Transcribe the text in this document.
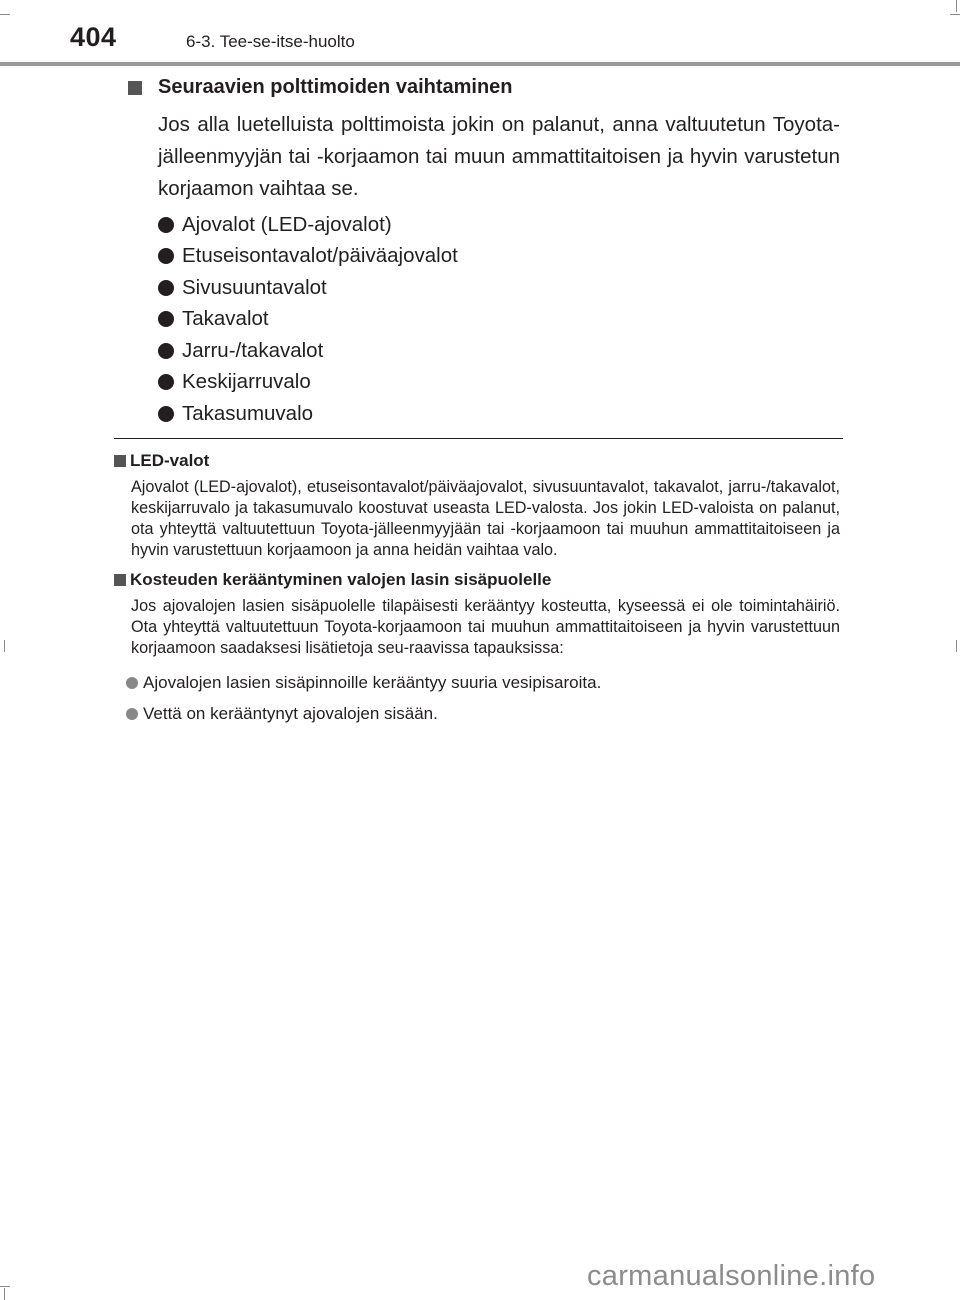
404	6-3. Tee-se-itse-huolto
Seuraavien polttimoiden vaihtaminen
Jos alla luetelluista polttimoista jokin on palanut, anna valtuutetun Toyota-jälleenmyyjän tai -korjaamon tai muun ammattitaitoisen ja hyvin varustetun korjaamon vaihtaa se.
Ajovalot (LED-ajovalot)
Etuseisontavalot/päiväajovalot
Sivusuuntavalot
Takavalot
Jarru-/takavalot
Keskijarruvalo
Takasumuvalo
LED-valot
Ajovalot (LED-ajovalot), etuseisontavalot/päiväajovalot, sivusuuntavalot, takavalot, jarru-/takavalot, keskijarruvalo ja takasumuvalo koostuvat useasta LED-valosta. Jos jokin LED-valoista on palanut, ota yhteyttä valtuutettuun Toyota-jälleenmyyjään tai -korjaamoon tai muuhun ammattitaitoiseen ja hyvin varustettuun korjaamoon ja anna heidän vaihtaa valo.
Kosteuden kerääntyminen valojen lasin sisäpuolelle
Jos ajovalojen lasien sisäpuolelle tilapäisesti kerääntyy kosteutta, kyseessä ei ole toimintahäiriö. Ota yhteyttä valtuutettuun Toyota-korjaamoon tai muuhun ammattitaitoiseen ja hyvin varustettuun korjaamoon saadaksesi lisätietoja seu-raavissa tapauksissa:
Ajovalojen lasien sisäpinnoille kerääntyy suuria vesipisaroita.
Vettä on kerääntynyt ajovalojen sisään.
carmanualsonline.info
